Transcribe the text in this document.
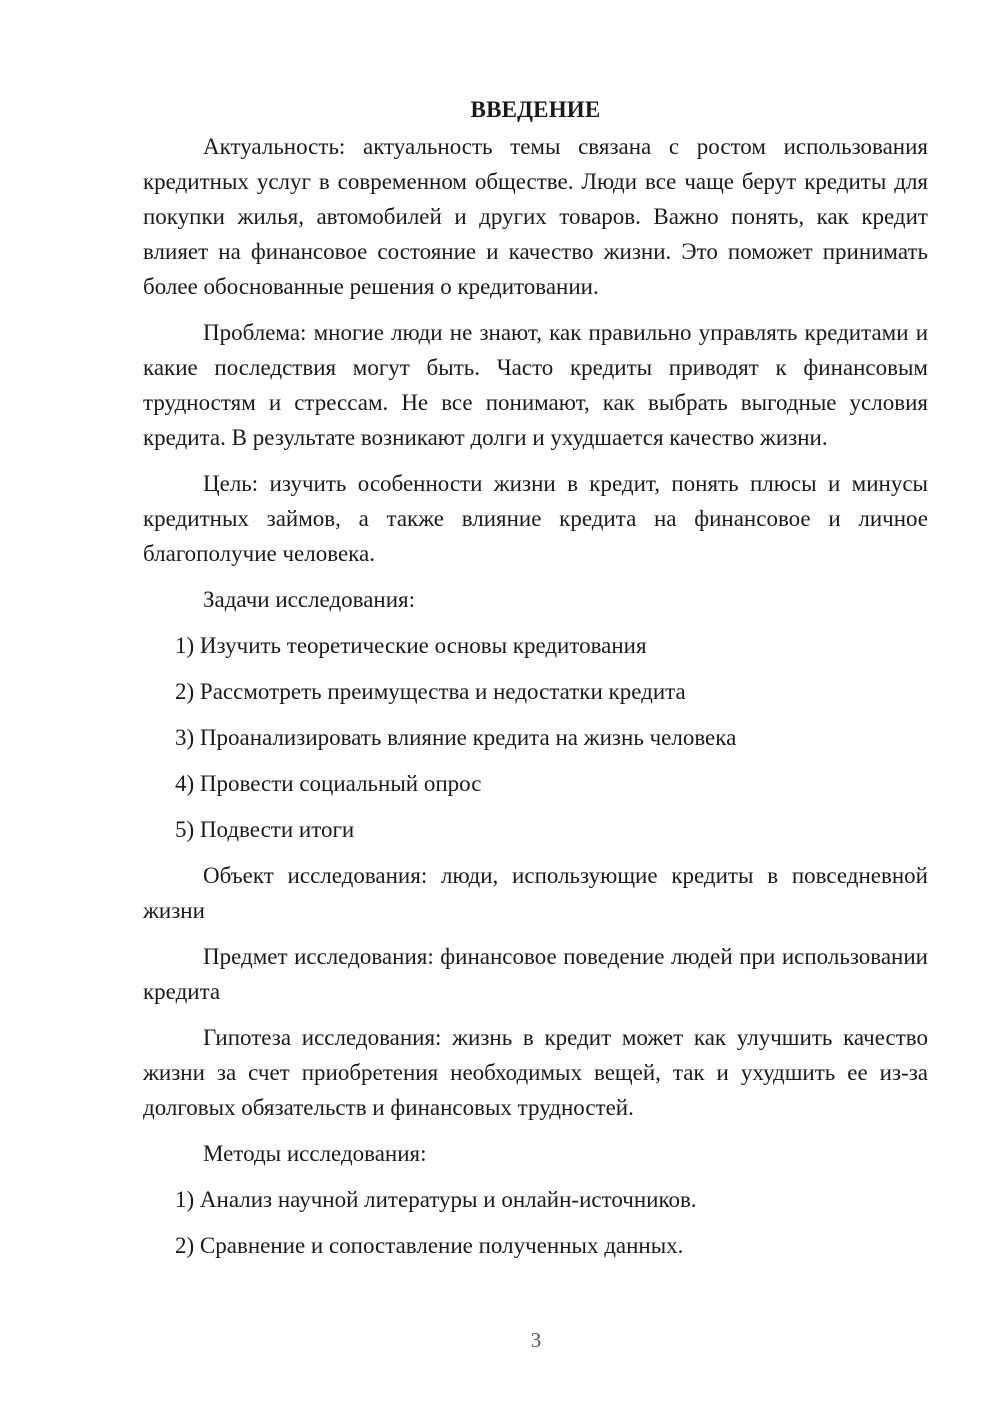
ВВЕДЕНИЕ

Актуальность: актуальность темы связана с ростом использования кредитных услуг в современном обществе. Люди все чаще берут кредиты для покупки жилья, автомобилей и других товаров. Важно понять, как кредит влияет на финансовое состояние и качество жизни. Это поможет принимать более обоснованные решения о кредитовании.

Проблема: многие люди не знают, как правильно управлять кредитами и какие последствия могут быть. Часто кредиты приводят к финансовым трудностям и стрессам. Не все понимают, как выбрать выгодные условия кредита. В результате возникают долги и ухудшается качество жизни.

Цель: изучить особенности жизни в кредит, понять плюсы и минусы кредитных займов, а также влияние кредита на финансовое и личное благополучие человека.

Задачи исследования:
1) Изучить теоретические основы кредитования
2) Рассмотреть преимущества и недостатки кредита
3) Проанализировать влияние кредита на жизнь человека
4) Провести социальный опрос
5) Подвести итоги

Объект исследования: люди, использующие кредиты в повседневной жизни

Предмет исследования: финансовое поведение людей при использовании кредита

Гипотеза исследования: жизнь в кредит может как улучшить качество жизни за счет приобретения необходимых вещей, так и ухудшить ее из-за долговых обязательств и финансовых трудностей.

Методы исследования:
1) Анализ научной литературы и онлайн-источников.
2) Сравнение и сопоставление полученных данных.
3
